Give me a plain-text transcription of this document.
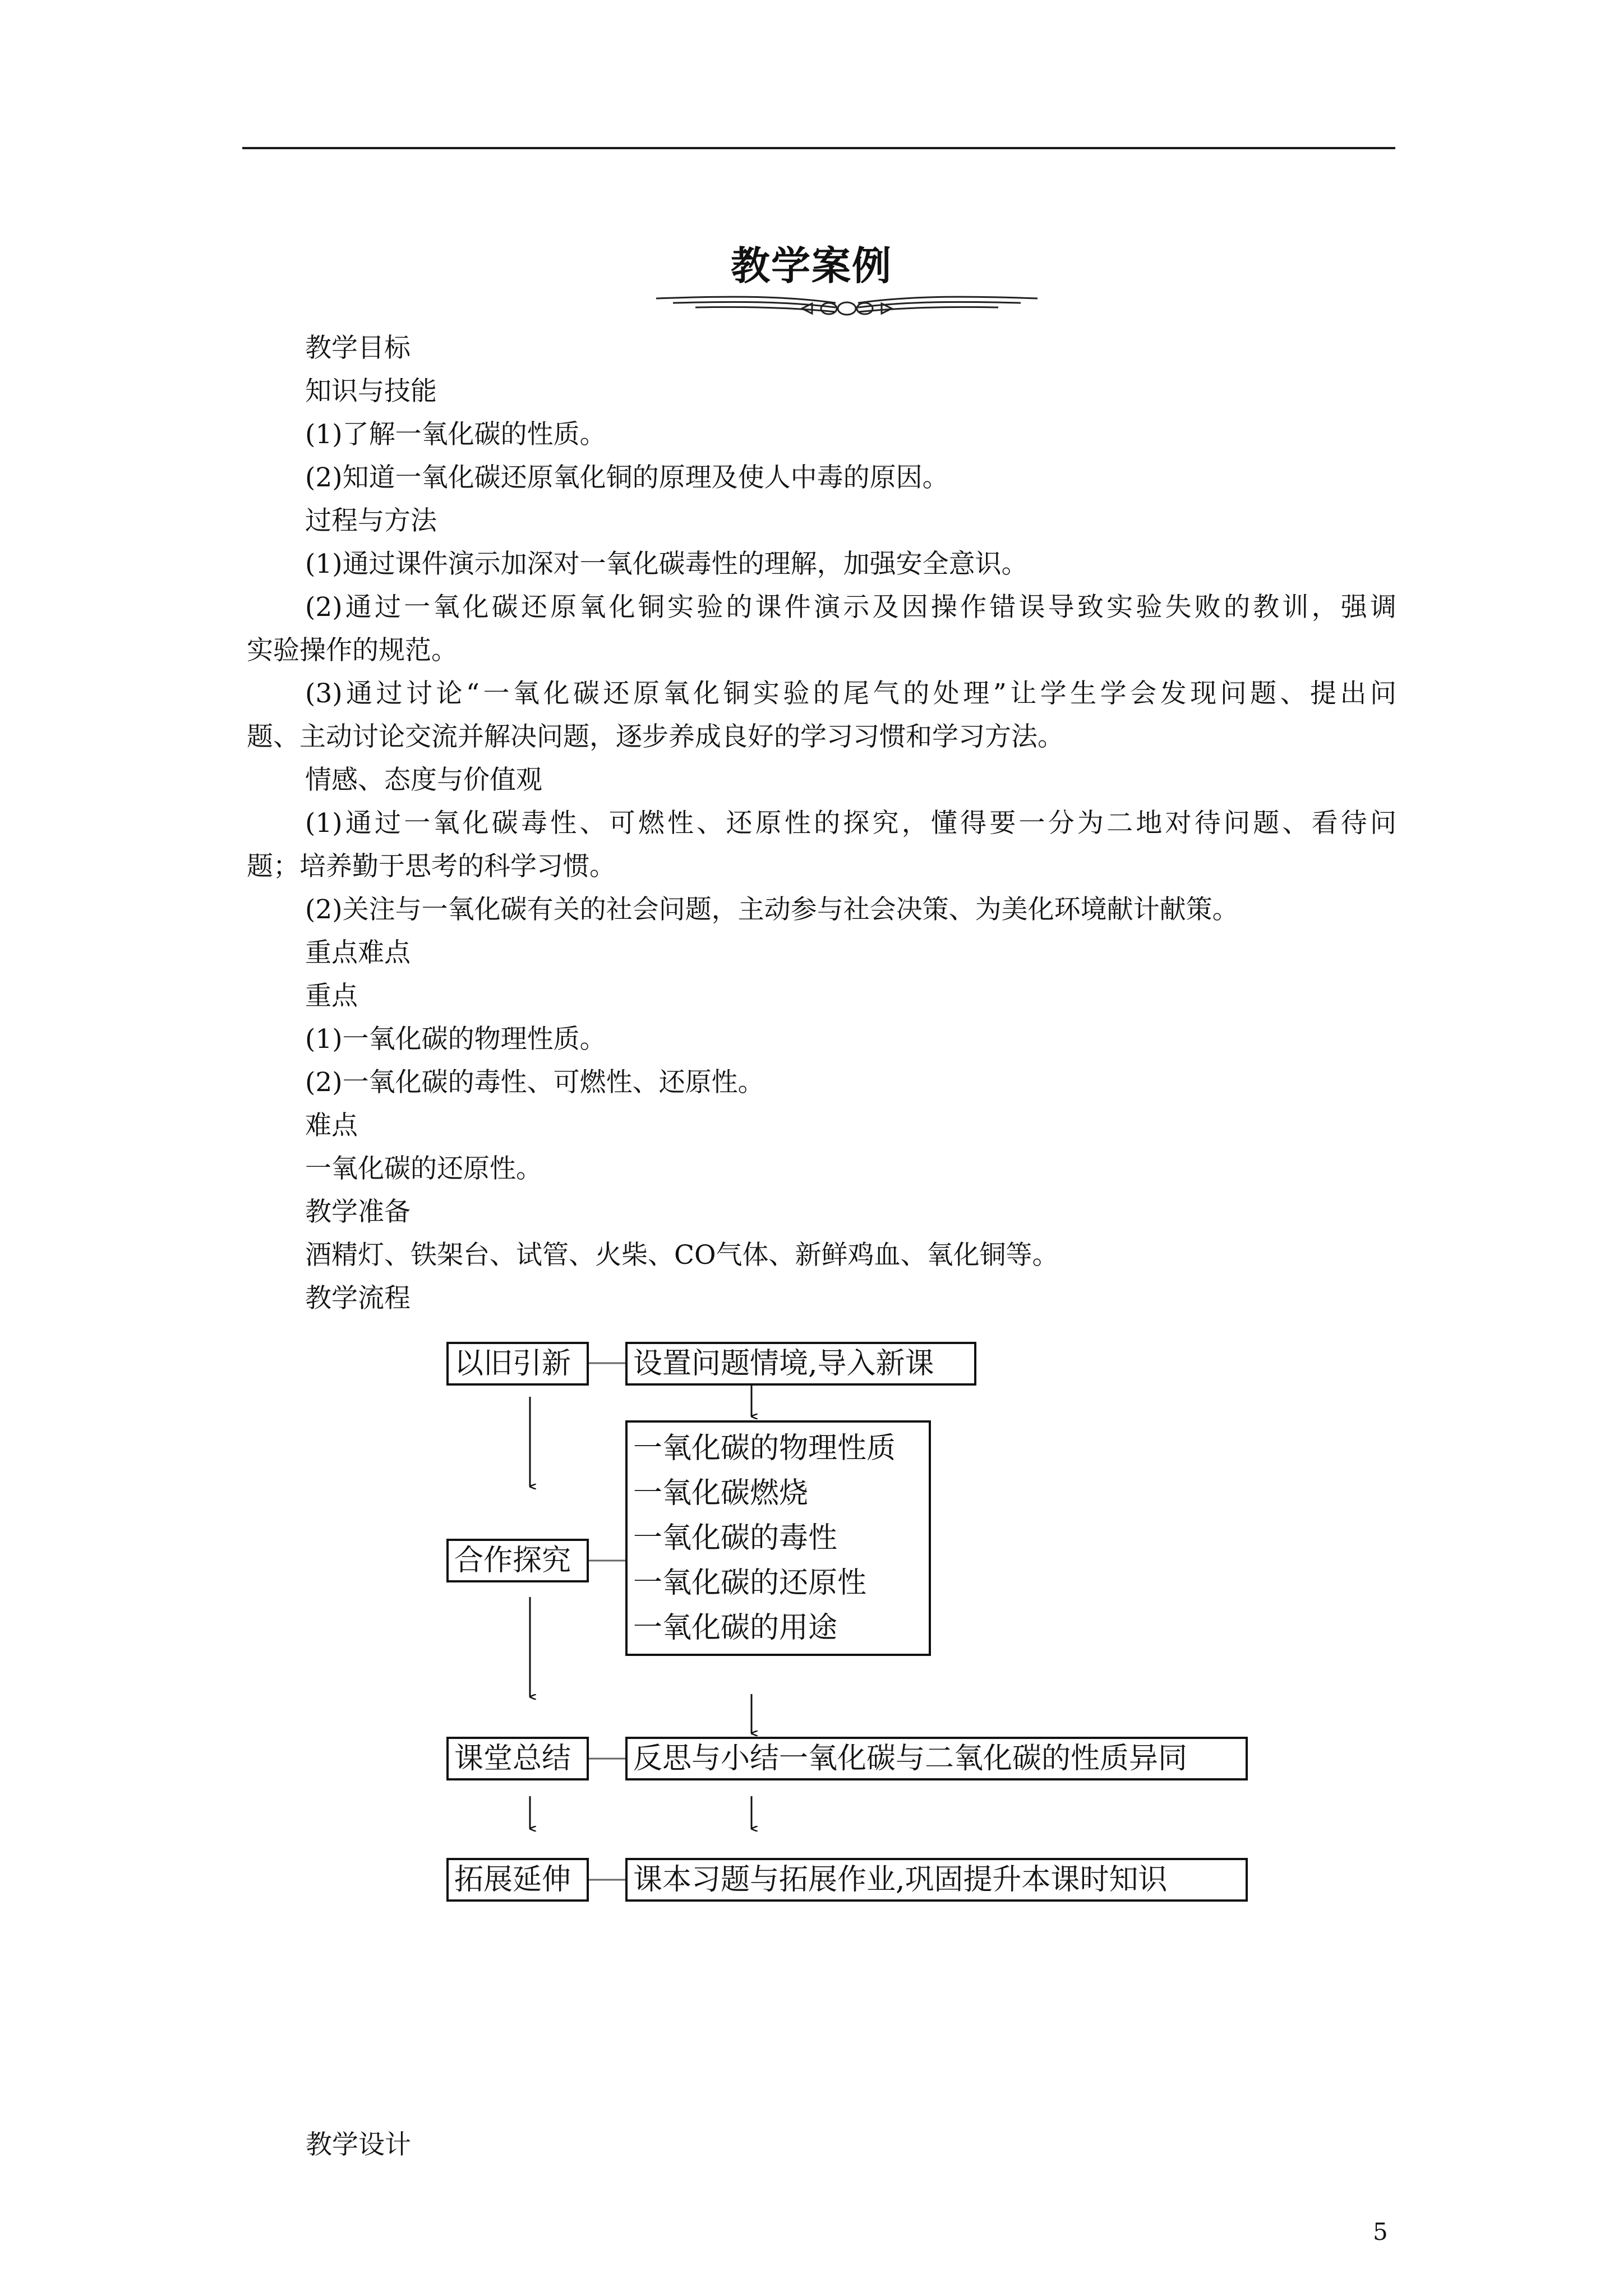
教学案例
教学目标
知识与技能
(1)了解一氧化碳的性质。
(2)知道一氧化碳还原氧化铜的原理及使人中毒的原因。
过程与方法
(1)通过课件演示加深对一氧化碳毒性的理解，加强安全意识。
(2)通过一氧化碳还原氧化铜实验的课件演示及因操作错误导致实验失败的教训，强调
实验操作的规范。
(3)通过讨论“一氧化碳还原氧化铜实验的尾气的处理”让学生学会发现问题、提出问
题、主动讨论交流并解决问题，逐步养成良好的学习习惯和学习方法。
情感、态度与价值观
(1)通过一氧化碳毒性、可燃性、还原性的探究，懂得要一分为二地对待问题、看待问
题；培养勤于思考的科学习惯。
(2)关注与一氧化碳有关的社会问题，主动参与社会决策、为美化环境献计献策。
重点难点
重点
(1)一氧化碳的物理性质。
(2)一氧化碳的毒性、可燃性、还原性。
难点
一氧化碳的还原性。
教学准备
酒精灯、铁架台、试管、火柴、CO气体、新鲜鸡血、氧化铜等。
教学流程
以旧引新	设置问题情境,导入新课
合作探究
一氧化碳的物理性质
一氧化碳燃烧
一氧化碳的毒性
一氧化碳的还原性
一氧化碳的用途
课堂总结	反思与小结一氧化碳与二氧化碳的性质异同
拓展延伸	课本习题与拓展作业,巩固提升本课时知识
教学设计
5
